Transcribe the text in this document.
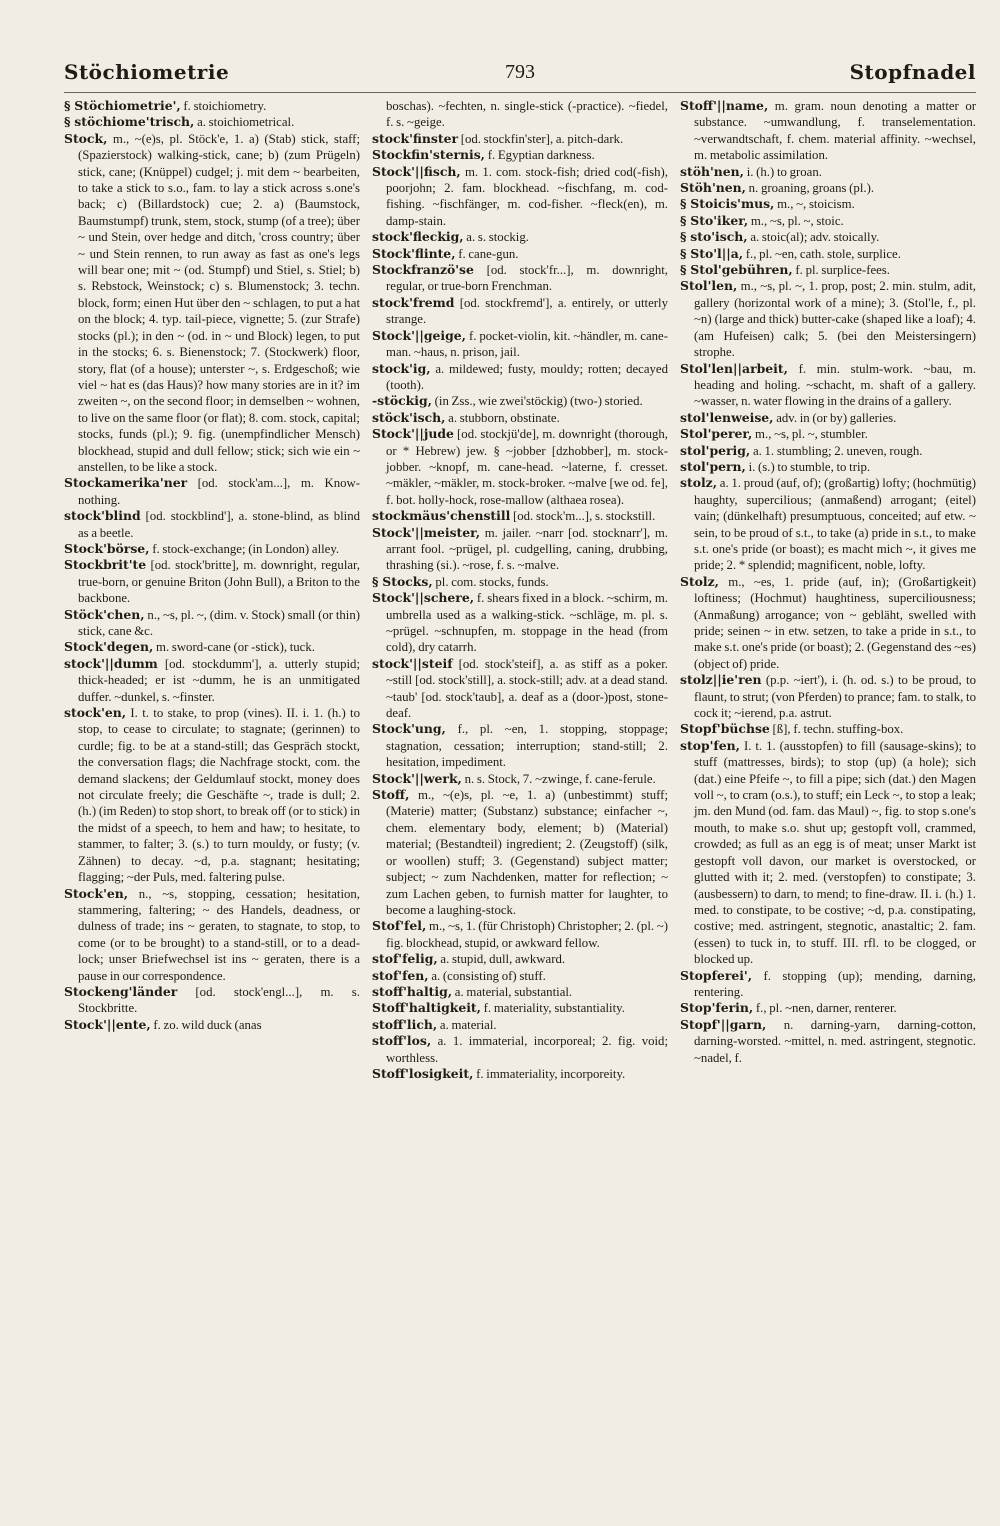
Stöchiometrie	793	Stopfnadel

§ Stöchiometrie', f. stoichiometry.

§ stöchiome'trisch, a. stoichiometrical.

Stock, m., ~(e)s, pl. Stöck'e, 1. a) (Stab) stick, staff; (Spazierstock) walking-stick, cane; b) (zum Prügeln) stick, cane; (Knüppel) cudgel; j. mit dem ~ bearbeiten, to take a stick to s.o., fam. to lay a stick across s.one's back; c) (Billardstock) cue; 2. a) (Baumstock, Baumstumpf) trunk, stem, stock, stump (of a tree); über ~ und Stein, over hedge and ditch, 'cross country; über ~ und Stein rennen, to run away as fast as one's legs will bear one; mit ~ (od. Stumpf) und Stiel, s. Stiel; b) s. Rebstock, Weinstock; c) s. Blumenstock; 3. techn. block, form; einen Hut über den ~ schlagen, to put a hat on the block; 4. typ. tail-piece, vignette; 5. (zur Strafe) stocks (pl.); in den ~ (od. in ~ und Block) legen, to put in the stocks; 6. s. Bienenstock; 7. (Stockwerk) floor, story, flat (of a house); unterster ~, s. Erdgeschoß; wie viel ~ hat es (das Haus)? how many stories are in it? im zweiten ~, on the second floor; in demselben ~ wohnen, to live on the same floor (or flat); 8. com. stock, capital; stocks, funds (pl.); 9. fig. (unempfindlicher Mensch) blockhead, stupid and dull fellow; stick; sich wie ein ~ anstellen, to be like a stock.

Stockamerika'ner [od. stock'am...], m. Know-nothing.

stock'blind [od. stockblind'], a. stone-blind, as blind as a beetle.

Stock'börse, f. stock-exchange; (in London) alley.

Stockbrit'te [od. stock'britte], m. downright, regular, true-born, or genuine Briton (John Bull), a Briton to the backbone.

Stöck'chen, n., ~s, pl. ~, (dim. v. Stock) small (or thin) stick, cane &c.

Stock'degen, m. sword-cane (or -stick), tuck.

stock'||dumm [od. stockdumm'], a. utterly stupid; thick-headed; er ist ~dumm, he is an unmitigated duffer. ~dunkel, s. ~finster.

stock'en, I. t. to stake, to prop (vines). II. i. 1. (h.) to stop, to cease to circulate; to stagnate; (gerinnen) to curdle; fig. to be at a stand-still; das Gespräch stockt, the conversation flags; die Nachfrage stockt, com. the demand slackens; der Geldumlauf stockt, money does not circulate freely; die Geschäfte ~, trade is dull; 2. (h.) (im Reden) to stop short, to break off (or to stick) in the midst of a speech, to hem and haw; to hesitate, to stammer, to falter; 3. (s.) to turn mouldy, or fusty; (v. Zähnen) to decay. ~d, p.a. stagnant; hesitating; flagging; ~der Puls, med. faltering pulse.

Stock'en, n., ~s, stopping, cessation; hesitation, stammering, faltering; ~ des Handels, deadness, or dulness of trade; ins ~ geraten, to stagnate, to stop, to come (or to be brought) to a stand-still, or to a dead-lock; unser Briefwechsel ist ins ~ geraten, there is a pause in our correspondence.

Stockeng'länder [od. stock'engl...], m. s. Stockbritte.

Stock'||ente, f. zo. wild duck (anas

boschas). ~fechten, n. single-stick (-practice). ~fiedel, f. s. ~geige.

stock'finster [od. stockfin'ster], a. pitch-dark.

Stockfin'sternis, f. Egyptian darkness.

Stock'||fisch, m. 1. com. stock-fish; dried cod(-fish), poorjohn; 2. fam. blockhead. ~fischfang, m. cod-fishing. ~fischfänger, m. cod-fisher. ~fleck(en), m. damp-stain.

stock'fleckig, a. s. stockig.

Stock'flinte, f. cane-gun.

Stockfranzö'se [od. stock'fr...], m. downright, regular, or true-born Frenchman.

stock'fremd [od. stockfremd'], a. entirely, or utterly strange.

Stock'||geige, f. pocket-violin, kit. ~händler, m. cane-man. ~haus, n. prison, jail.

stock'ig, a. mildewed; fusty, mouldy; rotten; decayed (tooth).

-stöckig, (in Zss., wie zwei'stöckig) (two-) storied.

stöck'isch, a. stubborn, obstinate.

Stock'||jude [od. stockjü'de], m. downright (thorough, or * Hebrew) jew. § ~jobber [dzhobber], m. stock-jobber. ~knopf, m. cane-head. ~laterne, f. cresset. ~mäkler, ~mäkler, m. stock-broker. ~malve [we od. fe], f. bot. holly-hock, rose-mallow (althaea rosea).

stockmäus'chenstill [od. stock'm...], s. stockstill.

Stock'||meister, m. jailer. ~narr [od. stocknarr'], m. arrant fool. ~prügel, pl. cudgelling, caning, drubbing, thrashing (si.). ~rose, f. s. ~malve.

§ Stocks, pl. com. stocks, funds.

Stock'||schere, f. shears fixed in a block. ~schirm, m. umbrella used as a walking-stick. ~schläge, m. pl. s. ~prügel. ~schnupfen, m. stoppage in the head (from cold), dry catarrh.

stock'||steif [od. stock'steif], a. as stiff as a poker. ~still [od. stock'still], a. stock-still; adv. at a dead stand. ~taub' [od. stock'taub], a. deaf as a (door-)post, stone-deaf.

Stock'ung, f., pl. ~en, 1. stopping, stoppage; stagnation, cessation; interruption; stand-still; 2. hesitation, impediment.

Stock'||werk, n. s. Stock, 7. ~zwinge, f. cane-ferule.

Stoff, m., ~(e)s, pl. ~e, 1. a) (unbestimmt) stuff; (Materie) matter; (Substanz) substance; einfacher ~, chem. elementary body, element; b) (Material) material; (Bestandteil) ingredient; 2. (Zeugstoff) (silk, or woollen) stuff; 3. (Gegenstand) subject matter; subject; ~ zum Nachdenken, matter for reflection; ~ zum Lachen geben, to furnish matter for laughter, to become a laughing-stock.

Stof'fel, m., ~s, 1. (für Christoph) Christopher; 2. (pl. ~) fig. blockhead, stupid, or awkward fellow.

stof'felig, a. stupid, dull, awkward.

stof'fen, a. (consisting of) stuff.

stoff'haltig, a. material, substantial.

Stoff'haltigkeit, f. materiality, substantiality.

stoff'lich, a. material.

stoff'los, a. 1. immaterial, incorporeal; 2. fig. void; worthless.

Stoff'losigkeit, f. immateriality, incorporeity.

Stoff'||name, m. gram. noun denoting a matter or substance. ~umwandlung, f. transelementation. ~verwandtschaft, f. chem. material affinity. ~wechsel, m. metabolic assimilation.

stöh'nen, i. (h.) to groan.

Stöh'nen, n. groaning, groans (pl.).

§ Stoicis'mus, m., ~, stoicism.

§ Sto'iker, m., ~s, pl. ~, stoic.

§ sto'isch, a. stoic(al); adv. stoically.

§ Sto'l||a, f., pl. ~en, cath. stole, surplice.

§ Stol'gebühren, f. pl. surplice-fees.

Stol'len, m., ~s, pl. ~, 1. prop, post; 2. min. stulm, adit, gallery (horizontal work of a mine); 3. (Stol'le, f., pl. ~n) (large and thick) butter-cake (shaped like a loaf); 4. (am Hufeisen) calk; 5. (bei den Meistersingern) strophe.

Stol'len||arbeit, f. min. stulm-work. ~bau, m. heading and holing. ~schacht, m. shaft of a gallery. ~wasser, n. water flowing in the drains of a gallery.

stol'lenweise, adv. in (or by) galleries.

Stol'perer, m., ~s, pl. ~, stumbler.

stol'perig, a. 1. stumbling; 2. uneven, rough.

stol'pern, i. (s.) to stumble, to trip.

stolz, a. 1. proud (auf, of); (großartig) lofty; (hochmütig) haughty, supercilious; (anmaßend) arrogant; (eitel) vain; (dünkelhaft) presumptuous, conceited; auf etw. ~ sein, to be proud of s.t., to take (a) pride in s.t., to make s.t. one's pride (or boast); es macht mich ~, it gives me pride; 2. * splendid; magnificent, noble, lofty.

Stolz, m., ~es, 1. pride (auf, in); (Großartigkeit) loftiness; (Hochmut) haughtiness, superciliousness; (Anmaßung) arrogance; von ~ gebläht, swelled with pride; seinen ~ in etw. setzen, to take a pride in s.t., to make s.t. one's pride (or boast); 2. (Gegenstand des ~es) (object of) pride.

stolz||ie'ren (p.p. ~iert'), i. (h. od. s.) to be proud, to flaunt, to strut; (von Pferden) to prance; fam. to stalk, to cock it; ~ierend, p.a. astrut.

Stopf'büchse [ß], f. techn. stuffing-box.

stop'fen, I. t. 1. (ausstopfen) to fill (sausage-skins); to stuff (mattresses, birds); to stop (up) (a hole); sich (dat.) eine Pfeife ~, to fill a pipe; sich (dat.) den Magen voll ~, to cram (o.s.), to stuff; ein Leck ~, to stop a leak; jm. den Mund (od. fam. das Maul) ~, fig. to stop s.one's mouth, to make s.o. shut up; gestopft voll, crammed, crowded; as full as an egg is of meat; unser Markt ist gestopft voll davon, our market is overstocked, or glutted with it; 2. med. (verstopfen) to constipate; 3. (ausbessern) to darn, to mend; to fine-draw. II. i. (h.) 1. med. to constipate, to be costive; ~d, p.a. constipating, costive; med. astringent, stegnotic, anastaltic; 2. fam. (essen) to tuck in, to stuff. III. rfl. to be clogged, or blocked up.

Stopferei', f. stopping (up); mending, darning, rentering.

Stop'ferin, f., pl. ~nen, darner, renterer.

Stopf'||garn, n. darning-yarn, darning-cotton, darning-worsted. ~mittel, n. med. astringent, stegnotic. ~nadel, f.
